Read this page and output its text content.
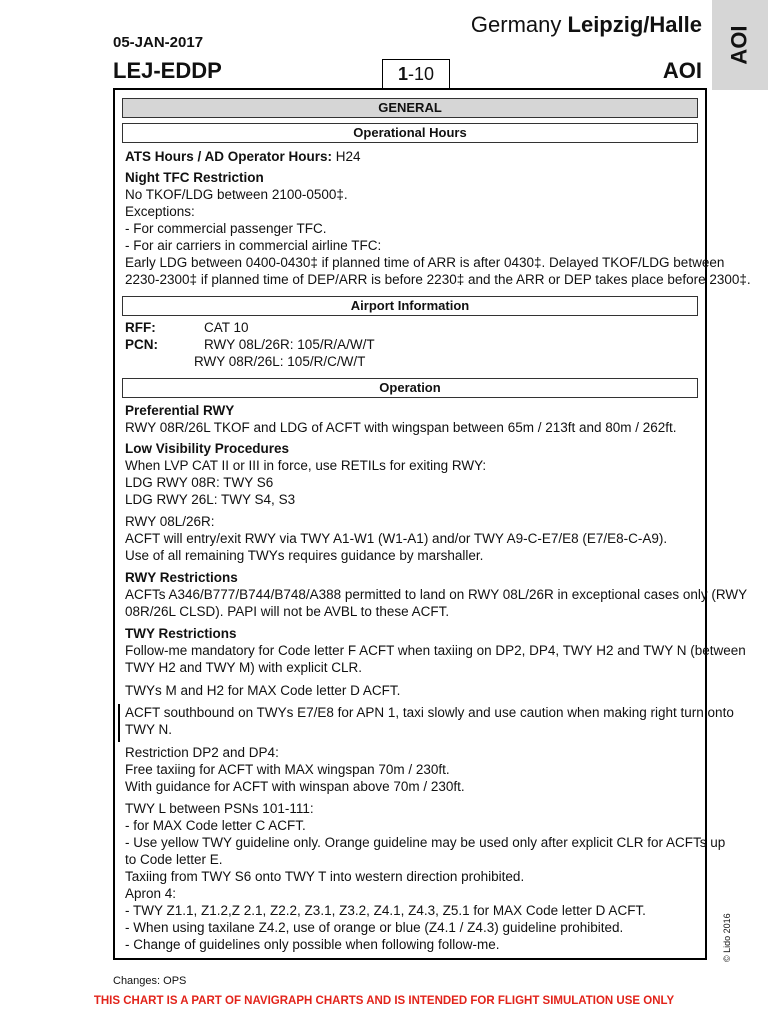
AOI
Germany Leipzig/Halle
05-JAN-2017
LEJ-EDDP	1 -10	AOI
GENERAL
Operational Hours
ATS Hours / AD Operator Hours: H24
Night TFC Restriction
No TKOF/LDG between 2100-0500‡.
Exceptions:
- For commercial passenger TFC.
- For air carriers in commercial airline TFC:
Early LDG between 0400-0430‡ if planned time of ARR is after 0430‡. Delayed TKOF/LDG between
2230-2300‡ if planned time of DEP/ARR is before 2230‡ and the ARR or DEP takes place before 2300‡.
Airport Information
RFF:	CAT 10
PCN:	RWY 08L/26R: 105/R/A/W/T
RWY 08R/26L: 105/R/C/W/T
Operation
Preferential RWY
RWY 08R/26L TKOF and LDG of ACFT with wingspan between 65m / 213ft and 80m / 262ft.
Low Visibility Procedures
When LVP CAT II or III in force, use RETILs for exiting RWY:
LDG RWY 08R: TWY S6
LDG RWY 26L: TWY S4, S3
RWY 08L/26R:
ACFT will entry/exit RWY via TWY A1-W1 (W1-A1) and/or TWY A9-C-E7/E8 (E7/E8-C-A9).
Use of all remaining TWYs requires guidance by marshaller.
RWY Restrictions
ACFTs A346/B777/B744/B748/A388 permitted to land on RWY 08L/26R in exceptional cases only (RWY
08R/26L CLSD). PAPI will not be AVBL to these ACFT.
TWY Restrictions
Follow-me mandatory for Code letter F ACFT when taxiing on DP2, DP4, TWY H2 and TWY N (between
TWY H2 and TWY M) with explicit CLR.
TWYs M and H2 for MAX Code letter D ACFT.
ACFT southbound on TWYs E7/E8 for APN 1, taxi slowly and use caution when making right turn onto
TWY N.
Restriction DP2 and DP4:
Free taxiing for ACFT with MAX wingspan 70m / 230ft.
With guidance for ACFT with winspan above 70m / 230ft.
TWY L between PSNs 101-111:
- for MAX Code letter C ACFT.
- Use yellow TWY guideline only. Orange guideline may be used only after explicit CLR for ACFTs up
to Code letter E.
Taxiing from TWY S6 onto TWY T into western direction prohibited.
Apron 4:
- TWY Z1.1, Z1.2,Z 2.1, Z2.2, Z3.1, Z3.2, Z4.1, Z4.3, Z5.1 for MAX Code letter D ACFT.
- When using taxilane Z4.2, use of orange or blue (Z4.1 / Z4.3) guideline prohibited.
- Change of guidelines only possible when following follow-me.	© Lido 2016
Changes: OPS
THIS CHART IS A PART OF NAVIGRAPH CHARTS AND IS INTENDED FOR FLIGHT SIMULATION USE ONLY
